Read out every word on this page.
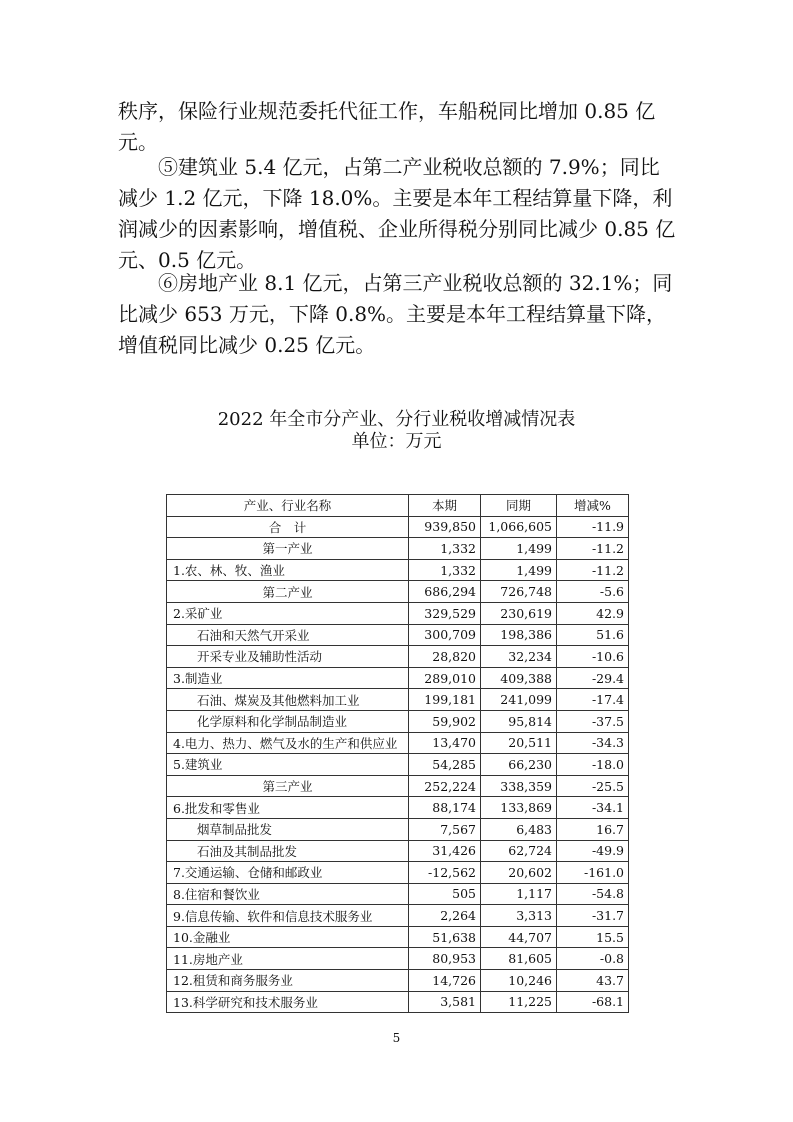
秩序，保险行业规范委托代征工作，车船税同比增加 0.85 亿元。

⑤建筑业 5.4 亿元，占第二产业税收总额的 7.9%；同比减少 1.2 亿元，下降 18.0%。主要是本年工程结算量下降，利润减少的因素影响，增值税、企业所得税分别同比减少 0.85 亿元、0.5 亿元。

⑥房地产业 8.1 亿元，占第三产业税收总额的 32.1%；同比减少 653 万元，下降 0.8%。主要是本年工程结算量下降，增值税同比减少 0.25 亿元。

2022 年全市分产业、分行业税收增减情况表

单位：万元

产业、行业名称	本期	同期	增减%
合　计	939,850	1,066,605	-11.9
第一产业	1,332	1,499	-11.2
1.农、林、牧、渔业	1,332	1,499	-11.2
第二产业	686,294	726,748	-5.6
2.采矿业	329,529	230,619	42.9
石油和天然气开采业	300,709	198,386	51.6
开采专业及辅助性活动	28,820	32,234	-10.6
3.制造业	289,010	409,388	-29.4
石油、煤炭及其他燃料加工业	199,181	241,099	-17.4
化学原料和化学制品制造业	59,902	95,814	-37.5
4.电力、热力、燃气及水的生产和供应业	13,470	20,511	-34.3
5.建筑业	54,285	66,230	-18.0
第三产业	252,224	338,359	-25.5
6.批发和零售业	88,174	133,869	-34.1
烟草制品批发	7,567	6,483	16.7
石油及其制品批发	31,426	62,724	-49.9
7.交通运输、仓储和邮政业	-12,562	20,602	-161.0
8.住宿和餐饮业	505	1,117	-54.8
9.信息传输、软件和信息技术服务业	2,264	3,313	-31.7
10.金融业	51,638	44,707	15.5
11.房地产业	80,953	81,605	-0.8
12.租赁和商务服务业	14,726	10,246	43.7
13.科学研究和技术服务业	3,581	11,225	-68.1
5
